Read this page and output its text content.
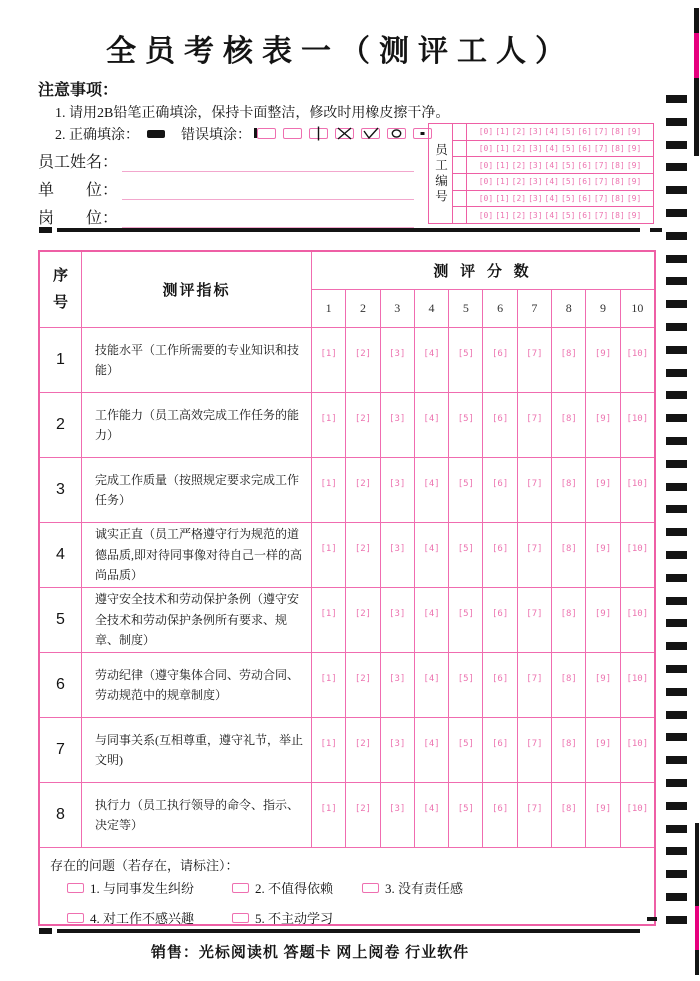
全员考核表一（测评工人）
注意事项：
1. 请用2B铅笔正确填涂，保持卡面整洁，修改时用橡皮擦干净。
2. 正确填涂：	错误填涂：
员工姓名：
单　　位：
岗　　位：
员工编号
[0] [1] [2] [3] [4] [5] [6] [7] [8] [9]
[0] [1] [2] [3] [4] [5] [6] [7] [8] [9]
[0] [1] [2] [3] [4] [5] [6] [7] [8] [9]
[0] [1] [2] [3] [4] [5] [6] [7] [8] [9]
[0] [1] [2] [3] [4] [5] [6] [7] [8] [9]
[0] [1] [2] [3] [4] [5] [6] [7] [8] [9]
序号
测评指标
测 评 分 数
1	2	3	4	5	6	7	8	9	10
1
技能水平（工作所需要的专业知识和技能）
[1] [2] [3] [4] [5] [6] [7] [8] [9] [10]
2
工作能力（员工高效完成工作任务的能力）
[1] [2] [3] [4] [5] [6] [7] [8] [9] [10]
3
完成工作质量（按照规定要求完成工作任务）
[1] [2] [3] [4] [5] [6] [7] [8] [9] [10]
4
诚实正直（员工严格遵守行为规范的道德品质,即对待同事像对待自己一样的高尚品质）
[1] [2] [3] [4] [5] [6] [7] [8] [9] [10]
5
遵守安全技术和劳动保护条例（遵守安全技术和劳动保护条例所有要求、规章、制度）
[1] [2] [3] [4] [5] [6] [7] [8] [9] [10]
6
劳动纪律（遵守集体合同、劳动合同、劳动规范中的规章制度）
[1] [2] [3] [4] [5] [6] [7] [8] [9] [10]
7
与同事关系(互相尊重，遵守礼节，举止文明)
[1] [2] [3] [4] [5] [6] [7] [8] [9] [10]
8
执行力（员工执行领导的命令、指示、决定等）
[1] [2] [3] [4] [5] [6] [7] [8] [9] [10]
存在的问题（若存在，请标注）：
1. 与同事发生纠纷	2. 不值得依赖	3. 没有责任感
4. 对工作不感兴趣	5. 不主动学习
销售：光标阅读机 答题卡 网上阅卷 行业软件
